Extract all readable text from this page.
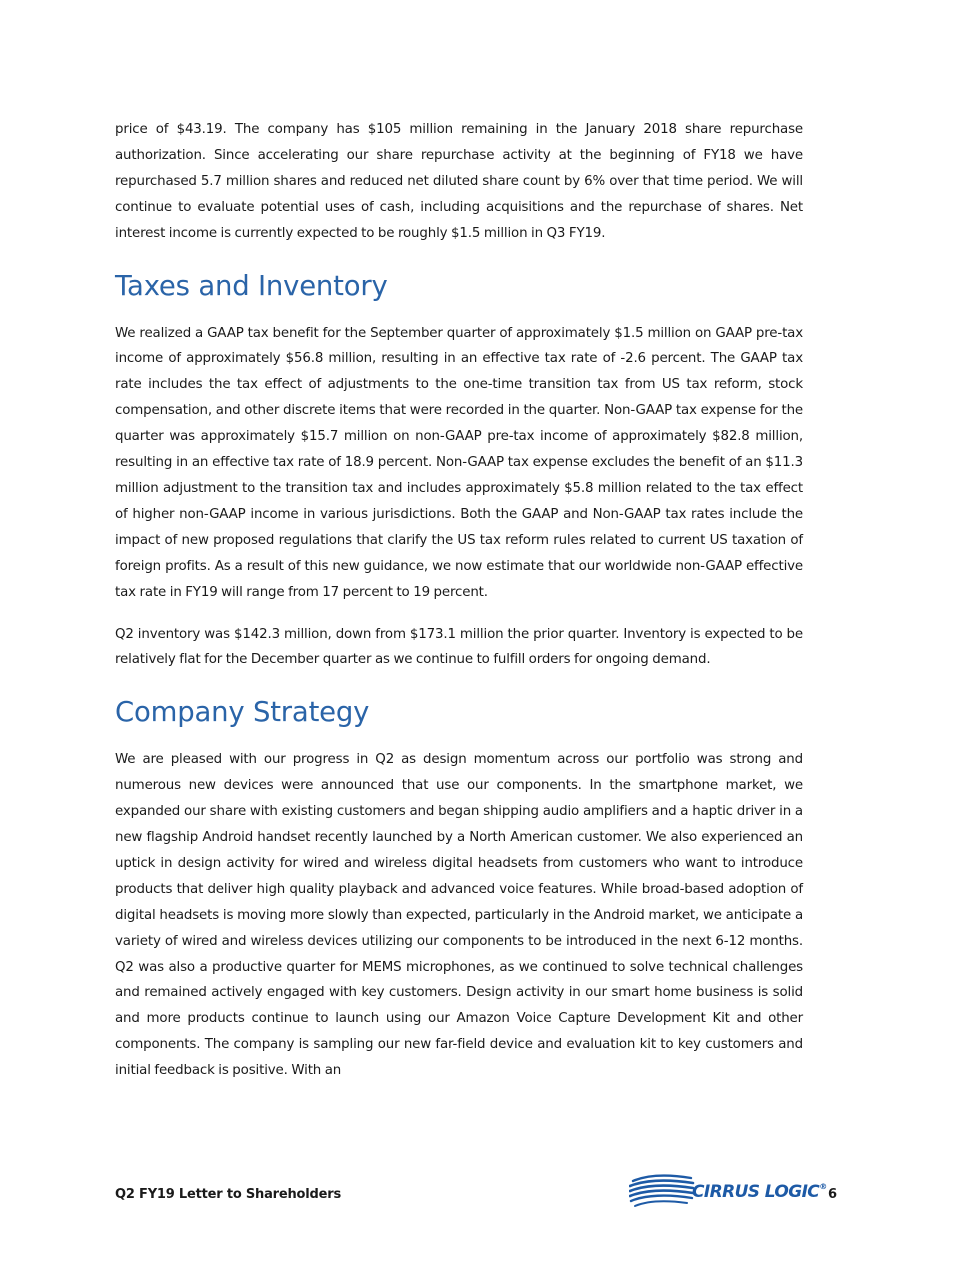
price of $43.19. The company has $105 million remaining in the January 2018 share repurchase authorization. Since accelerating our share repurchase activity at the beginning of FY18 we have repurchased 5.7 million shares and reduced net diluted share count by 6% over that time period. We will continue to evaluate potential uses of cash, including acquisitions and the repurchase of shares. Net interest income is currently expected to be roughly $1.5 million in Q3 FY19.

Taxes and Inventory

We realized a GAAP tax benefit for the September quarter of approximately $1.5 million on GAAP pre-tax income of approximately $56.8 million, resulting in an effective tax rate of -2.6 percent. The GAAP tax rate includes the tax effect of adjustments to the one-time transition tax from US tax reform, stock compensation, and other discrete items that were recorded in the quarter. Non-GAAP tax expense for the quarter was approximately $15.7 million on non-GAAP pre-tax income of approximately $82.8 million, resulting in an effective tax rate of 18.9 percent. Non-GAAP tax expense excludes the benefit of an $11.3 million adjustment to the transition tax and includes approximately $5.8 million related to the tax effect of higher non-GAAP income in various jurisdictions. Both the GAAP and Non-GAAP tax rates include the impact of new proposed regulations that clarify the US tax reform rules related to current US taxation of foreign profits. As a result of this new guidance, we now estimate that our worldwide non-GAAP effective tax rate in FY19 will range from 17 percent to 19 percent.

Q2 inventory was $142.3 million, down from $173.1 million the prior quarter. Inventory is expected to be relatively flat for the December quarter as we continue to fulfill orders for ongoing demand.

Company Strategy

We are pleased with our progress in Q2 as design momentum across our portfolio was strong and numerous new devices were announced that use our components. In the smartphone market, we expanded our share with existing customers and began shipping audio amplifiers and a haptic driver in a new flagship Android handset recently launched by a North American customer. We also experienced an uptick in design activity for wired and wireless digital headsets from customers who want to introduce products that deliver high quality playback and advanced voice features. While broad-based adoption of digital headsets is moving more slowly than expected, particularly in the Android market, we anticipate a variety of wired and wireless devices utilizing our components to be introduced in the next 6-12 months. Q2 was also a productive quarter for MEMS microphones, as we continued to solve technical challenges and remained actively engaged with key customers. Design activity in our smart home business is solid and more products continue to launch using our Amazon Voice Capture Development Kit and other components. The company is sampling our new far-field device and evaluation kit to key customers and initial feedback is positive. With an

Q2 FY19 Letter to Shareholders	CIRRUS LOGIC®
6
